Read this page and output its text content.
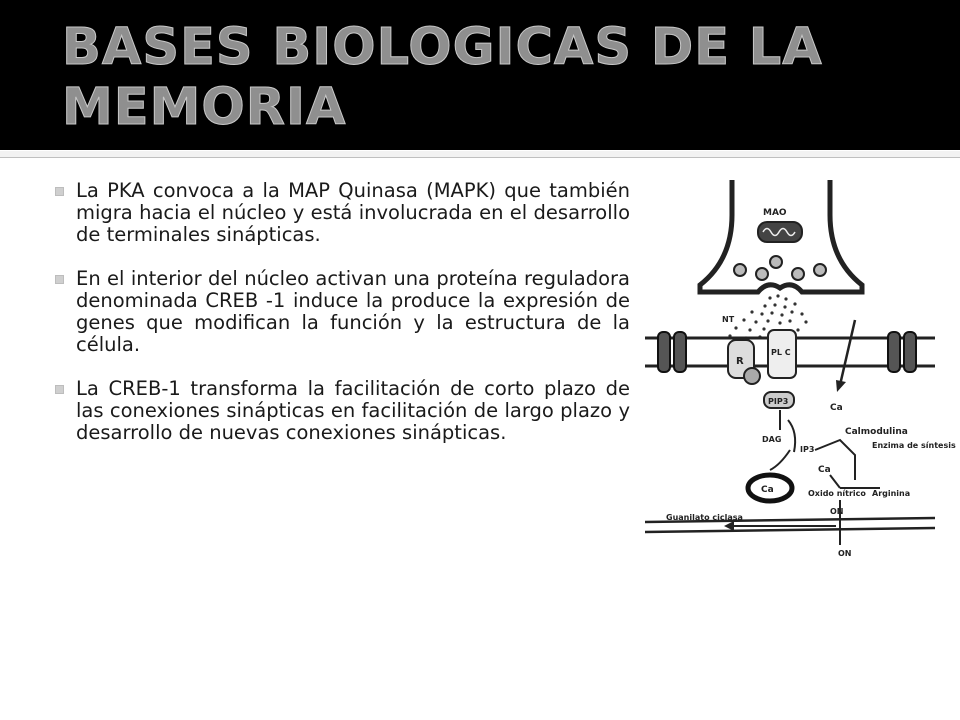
BASES BIOLOGICAS DE LA MEMORIA
La PKA convoca a la MAP Quinasa (MAPK) que también migra hacia el núcleo y está involucrada en el desarrollo de terminales sinápticas.
En el interior del núcleo activan una proteína reguladora denominada CREB -1 induce la produce la expresión de genes que modifican la función y la estructura de la célula.
La CREB-1 transforma la facilitación de corto plazo de las conexiones sinápticas en facilitación de largo plazo y desarrollo de nuevas conexiones sinápticas.
MAO
NT
R
PL C
PIP3
Ca
DAG
IP3
Ca
Calmodulina
Enzima de síntesis
Ca
Oxido nítrico Arginina
ON
ON
Guanilato ciclasa
